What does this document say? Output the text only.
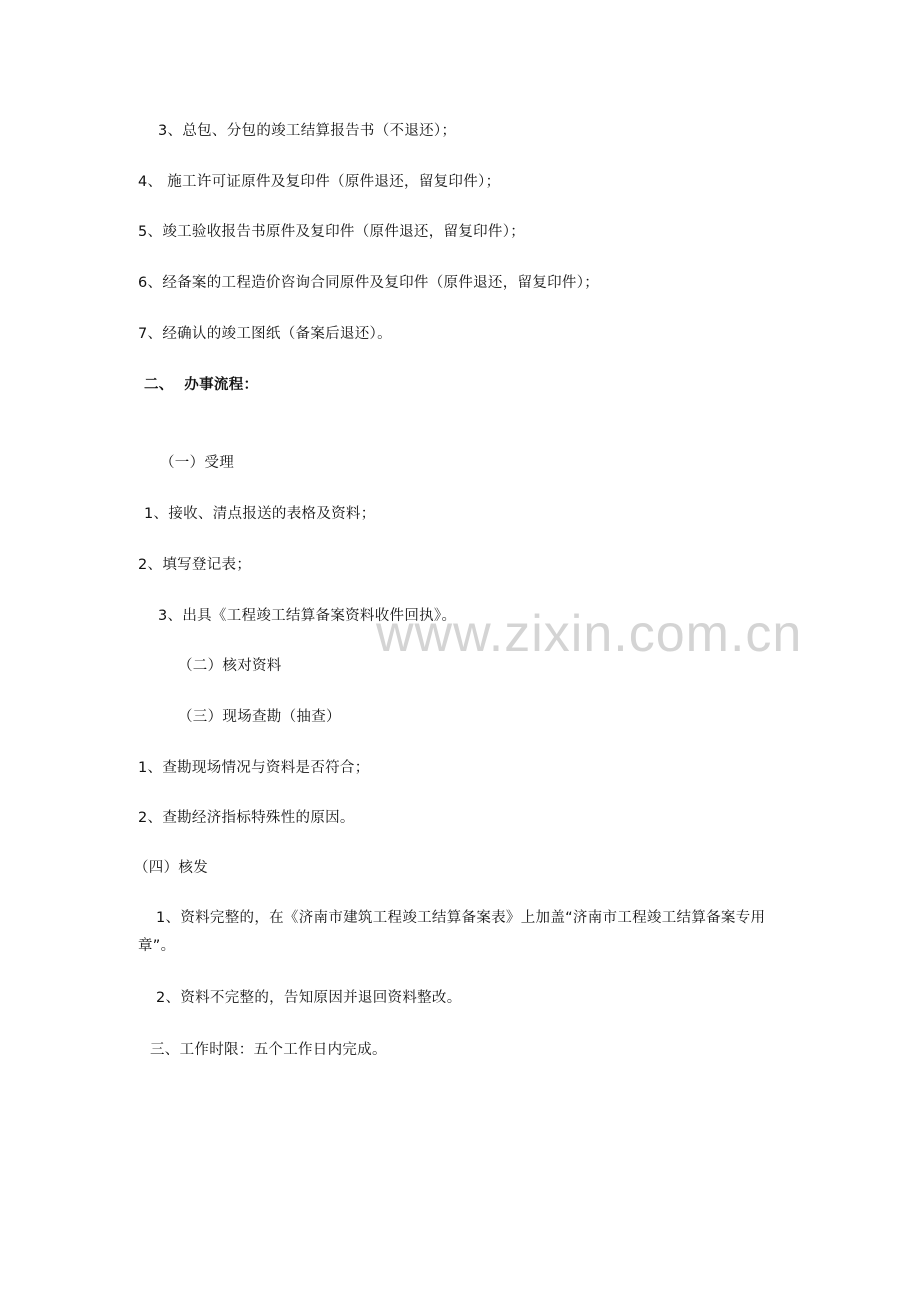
www.zixin.com.cn
3、总包、分包的竣工结算报告书（不退还）；
4、 施工许可证原件及复印件（原件退还，留复印件）；
5、竣工验收报告书原件及复印件（原件退还，留复印件）；
6、经备案的工程造价咨询合同原件及复印件（原件退还，留复印件）；
7、经确认的竣工图纸（备案后退还）。
二、  办事流程：
（一）受理
1、接收、清点报送的表格及资料；
2、填写登记表；
3、出具《工程竣工结算备案资料收件回执》。
（二）核对资料
（三）现场查勘（抽查）
1、查勘现场情况与资料是否符合；
2、查勘经济指标特殊性的原因。
（四）核发
1、资料完整的，在《济南市建筑工程竣工结算备案表》上加盖“济南市工程竣工结算备案专用章”。
2、资料不完整的，告知原因并退回资料整改。
三、工作时限：五个工作日内完成。
